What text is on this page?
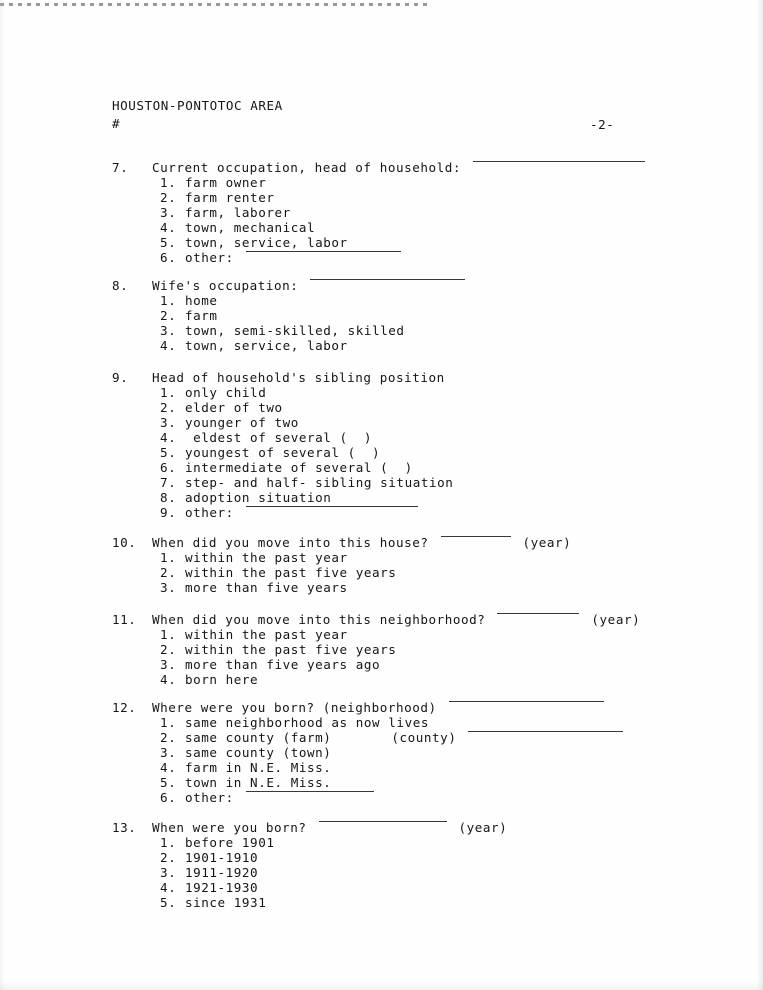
HOUSTON-PONTOTOC AREA
#	-2-
7.	Current occupation, head of household:
1. farm owner
2. farm renter
3. farm, laborer
4. town, mechanical
5. town, service, labor
6. other:
8.	Wife's occupation:
1. home
2. farm
3. town, semi-skilled, skilled
4. town, service, labor
9.	Head of household's sibling position
1. only child
2. elder of two
3. younger of two
4. eldest of several (  )
5. youngest of several (  )
6. intermediate of several (  )
7. step- and half- sibling situation
8. adoption situation
9. other:
10.	When did you move into this house?	(year)
1. within the past year
2. within the past five years
3. more than five years
11.	When did you move into this neighborhood?	(year)
1. within the past year
2. within the past five years
3. more than five years ago
4. born here
12.	Where were you born? (neighborhood)
1. same neighborhood as now lives
2. same county (farm)	(county)
3. same county (town)
4. farm in N.E. Miss.
5. town in N.E. Miss.
6. other:
13.	When were you born?	(year)
1. before 1901
2. 1901-1910
3. 1911-1920
4. 1921-1930
5. since 1931
